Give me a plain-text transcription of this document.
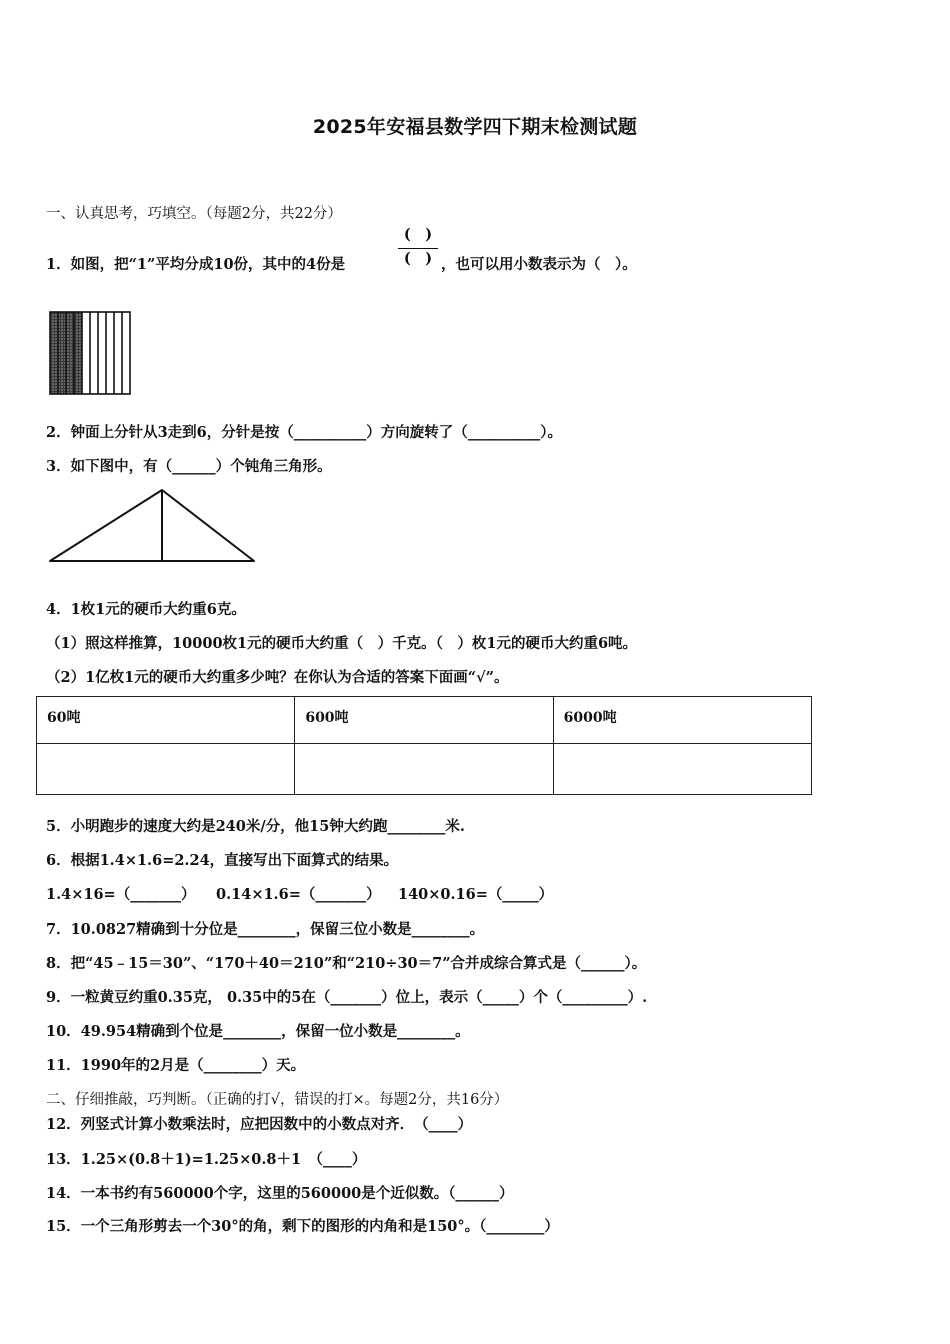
2025年安福县数学四下期末检测试题
一、认真思考，巧填空。（每题2分，共22分）
(　)
(　)
1．如图，把“1”平均分成10份，其中的4份是	，也可以用小数表示为（　）。
2．钟面上分针从3走到6，分针是按（__________）方向旋转了（__________）。
3．如下图中，有（______）个钝角三角形。
4．1枚1元的硬币大约重6克。
（1）照这样推算，10000枚1元的硬币大约重（　）千克。（　）枚1元的硬币大约重6吨。
（2）1亿枚1元的硬币大约重多少吨？在你认为合适的答案下面画“√”。
60吨	600吨	6000吨

5．小明跑步的速度大约是240米/分，他15钟大约跑________米.
6．根据1.4×1.6=2.24，直接写出下面算式的结果。
1.4×16=（_______） 0.14×1.6=（_______） 140×0.16=（_____）
7．10.0827精确到十分位是________，保留三位小数是________。
8．把“45﹣15＝30”、“170＋40＝210”和“210÷30＝7”合并成综合算式是（______）。
9．一粒黄豆约重0.35克， 0.35中的5在（_______）位上，表示（_____）个（_________）.
10．49.954精确到个位是________，保留一位小数是________。
11．1990年的2月是（________）天。
二、仔细推敲，巧判断。（正确的打√，错误的打×。每题2分，共16分）
12．列竖式计算小数乘法时，应把因数中的小数点对齐．　（____）
13．1.25×(0.8＋1)=1.25×0.8＋1　（____）
14．一本书约有560000个字，这里的560000是个近似数。（______）
15．一个三角形剪去一个30°的角，剩下的图形的内角和是150°。（________）
